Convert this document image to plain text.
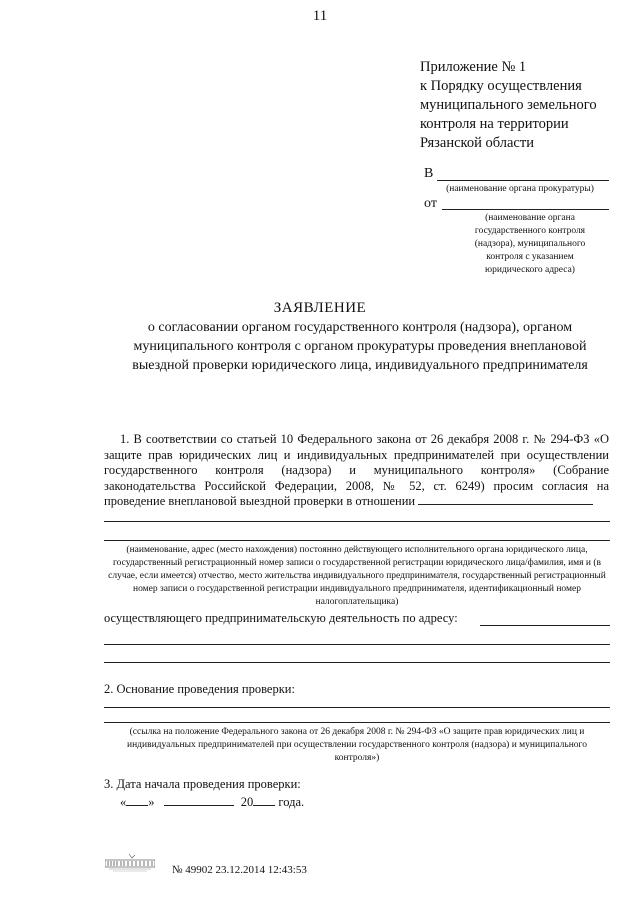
11
Приложение № 1
к Порядку осуществления
муниципального земельного
контроля на территории
Рязанской области
В
(наименование органа прокуратуры)
от
(наименование органа
государственного контроля
(надзора), муниципального
контроля с указанием
юридического адреса)
ЗАЯВЛЕНИЕ
о согласовании органом государственного контроля (надзора), органом муниципального контроля с органом прокуратуры проведения внеплановой выездной проверки юридического лица, индивидуального предпринимателя
1. В соответствии со статьей 10 Федерального закона от 26 декабря 2008 г. № 294-ФЗ «О защите прав юридических лиц и индивидуальных предпринимателей при осуществлении государственного контроля (надзора) и муниципального контроля» (Собрание законодательства Российской Федерации, 2008, № 52, ст. 6249) просим согласия на проведение внеплановой выездной проверки в отношении
(наименование, адрес (место нахождения) постоянно действующего исполнительного органа юридического лица, государственный регистрационный номер записи о государственной регистрации юридического лица/фамилия, имя и (в случае, если имеется) отчество, место жительства индивидуального предпринимателя, государственный регистрационный номер записи о государственной регистрации индивидуального предпринимателя, идентификационный номер налогоплательщика)
осуществляющего предпринимательскую деятельность по адресу:
2. Основание проведения проверки:
(ссылка на положение Федерального закона от 26 декабря 2008 г. № 294-ФЗ «О защите прав юридических лиц и индивидуальных предпринимателей при осуществлении государственного контроля (надзора) и муниципального контроля»)
3. Дата начала проведения проверки:
« »	20 года.
№ 49902 23.12.2014 12:43:53
